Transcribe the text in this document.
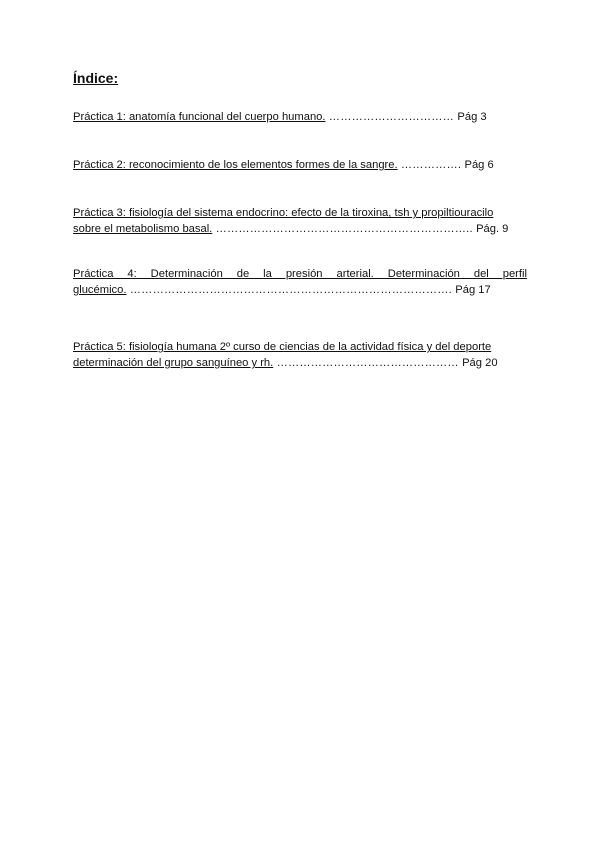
Índice:
Práctica 1: anatomía funcional del cuerpo humano. …………………………… Pág 3
Práctica 2: reconocimiento de los elementos formes de la sangre. ……………. Pág 6
Práctica 3: fisiología del sistema endocrino: efecto de la tiroxina, tsh y propiltiouracilo
sobre el metabolismo basal. ………………………………………………………….. Pág. 9
Práctica 4: Determinación de la presión arterial. Determinación del perfil
glucémico. …………………………………………………………………………. Pág 17
Práctica 5: fisiología humana 2º curso de ciencias de la actividad física y del deporte
determinación del grupo sanguíneo y rh. ………………………………………… Pág 20
